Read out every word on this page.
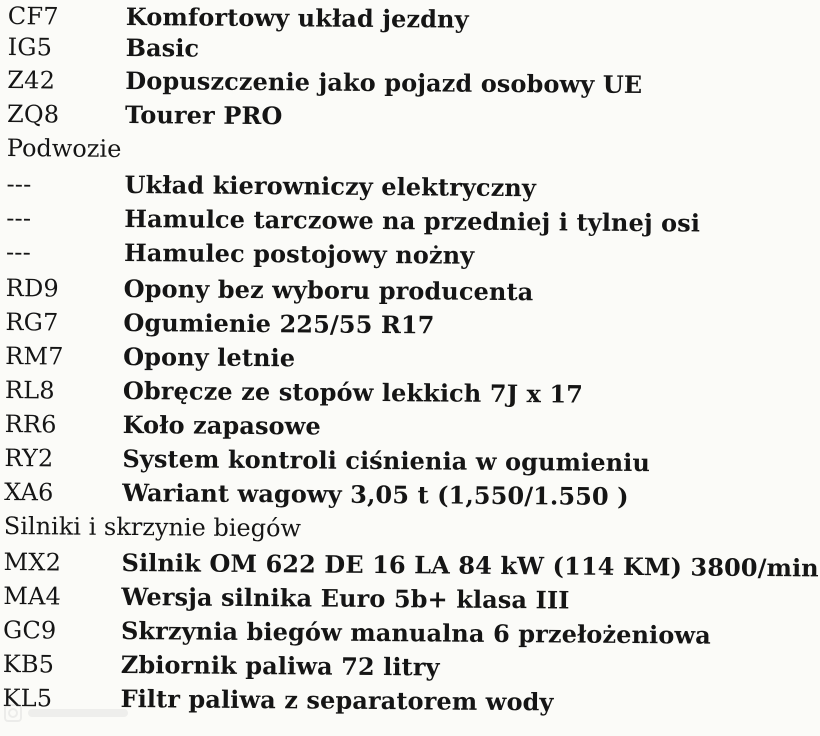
CF7	Komfortowy układ jezdny
IG5	Basic
Z42	Dopuszczenie jako pojazd osobowy UE
ZQ8	Tourer PRO
Podwozie
---	Układ kierowniczy elektryczny
---	Hamulce tarczowe na przedniej i tylnej osi
---	Hamulec postojowy nożny
RD9	Opony bez wyboru producenta
RG7	Ogumienie 225/55 R17
RM7	Opony letnie
RL8	Obręcze ze stopów lekkich 7J x 17
RR6	Koło zapasowe
RY2	System kontroli ciśnienia w ogumieniu
XA6	Wariant wagowy 3,05 t (1,550/1.550 )
Silniki i skrzynie biegów
MX2	Silnik OM 622 DE 16 LA 84 kW (114 KM) 3800/min
MA4	Wersja silnika Euro 5b+ klasa III
GC9	Skrzynia biegów manualna 6 przełożeniowa
KB5	Zbiornik paliwa 72 litry
KL5	Filtr paliwa z separatorem wody
